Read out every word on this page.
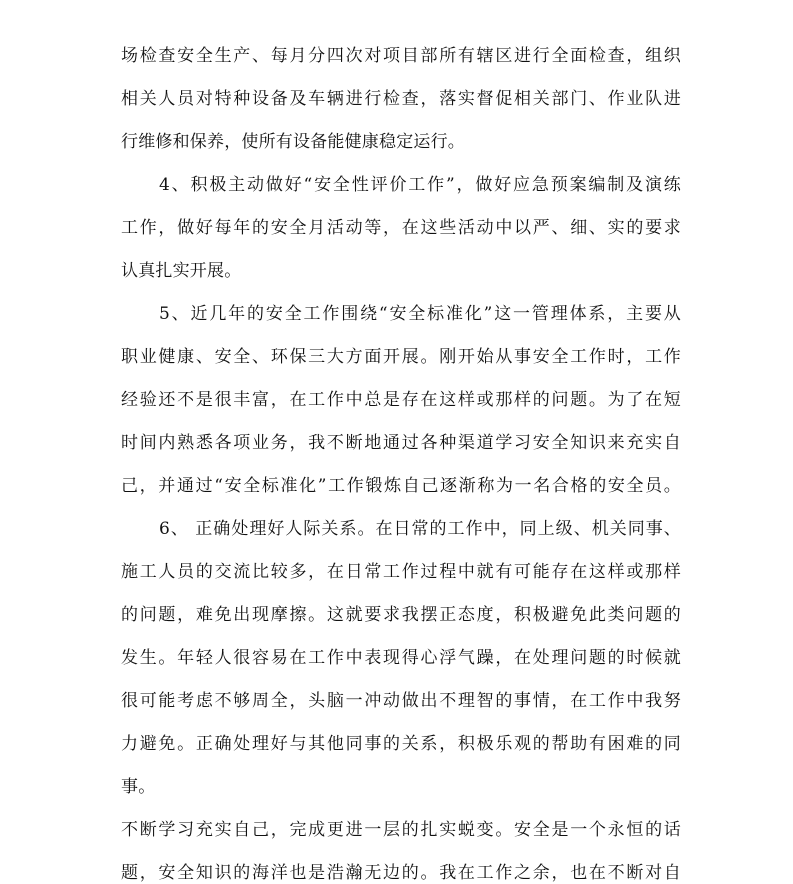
场检查安全生产、每月分四次对项目部所有辖区进行全面检查，组织
相关人员对特种设备及车辆进行检查，落实督促相关部门、作业队进
行维修和保养，使所有设备能健康稳定运行。
4、积极主动做好“安全性评价工作”，做好应急预案编制及演练
工作，做好每年的安全月活动等，在这些活动中以严、细、实的要求
认真扎实开展。
5、近几年的安全工作围绕“安全标准化”这一管理体系，主要从
职业健康、安全、环保三大方面开展。刚开始从事安全工作时，工作
经验还不是很丰富，在工作中总是存在这样或那样的问题。为了在短
时间内熟悉各项业务，我不断地通过各种渠道学习安全知识来充实自
己，并通过“安全标准化”工作锻炼自己逐渐称为一名合格的安全员。
6、 正确处理好人际关系。在日常的工作中，同上级、机关同事、
施工人员的交流比较多，在日常工作过程中就有可能存在这样或那样
的问题，难免出现摩擦。这就要求我摆正态度，积极避免此类问题的
发生。年轻人很容易在工作中表现得心浮气躁，在处理问题的时候就
很可能考虑不够周全，头脑一冲动做出不理智的事情，在工作中我努
力避免。正确处理好与其他同事的关系，积极乐观的帮助有困难的同
事。
不断学习充实自己，完成更进一层的扎实蜕变。安全是一个永恒的话
题，安全知识的海洋也是浩瀚无边的。我在工作之余，也在不断对自
